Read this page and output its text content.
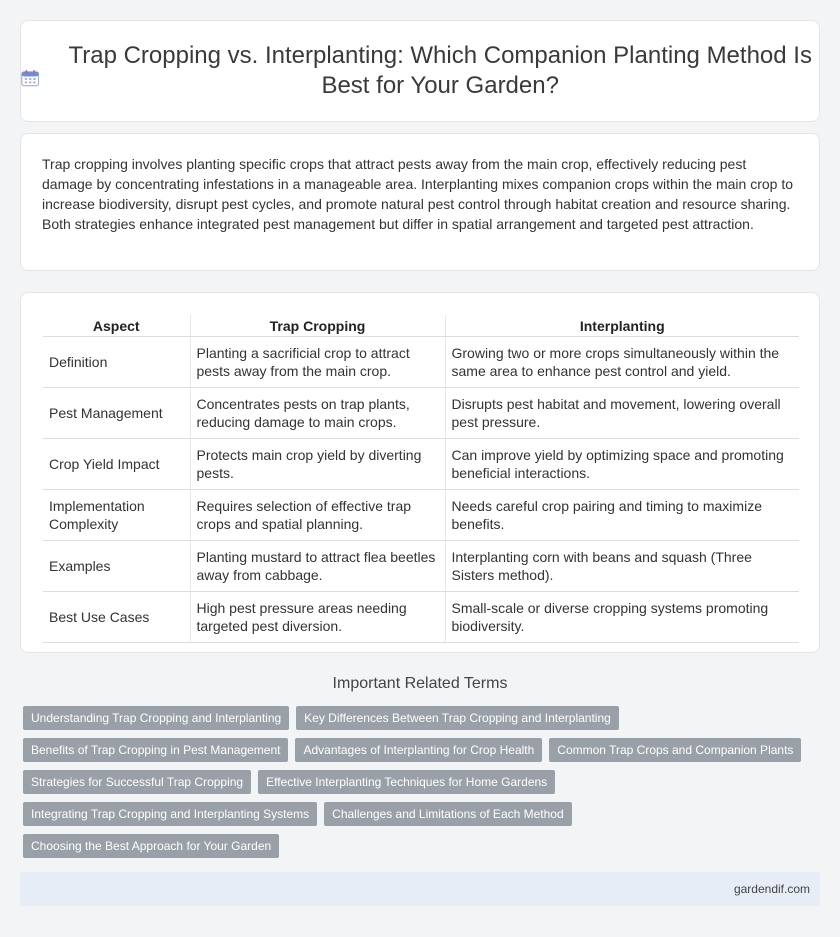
Trap Cropping vs. Interplanting: Which Companion Planting Method Is Best for Your Garden?

Trap cropping involves planting specific crops that attract pests away from the main crop, effectively reducing pest damage by concentrating infestations in a manageable area. Interplanting mixes companion crops within the main crop to increase biodiversity, disrupt pest cycles, and promote natural pest control through habitat creation and resource sharing. Both strategies enhance integrated pest management but differ in spatial arrangement and targeted pest attraction.

Aspect	Trap Cropping	Interplanting
Definition	Planting a sacrificial crop to attract pests away from the main crop.	Growing two or more crops simultaneously within the same area to enhance pest control and yield.
Pest Management	Concentrates pests on trap plants, reducing damage to main crops.	Disrupts pest habitat and movement, lowering overall pest pressure.
Crop Yield Impact	Protects main crop yield by diverting pests.	Can improve yield by optimizing space and promoting beneficial interactions.
Implementation Complexity	Requires selection of effective trap crops and spatial planning.	Needs careful crop pairing and timing to maximize benefits.
Examples	Planting mustard to attract flea beetles away from cabbage.	Interplanting corn with beans and squash (Three Sisters method).
Best Use Cases	High pest pressure areas needing targeted pest diversion.	Small-scale or diverse cropping systems promoting biodiversity.
Important Related Terms
Understanding Trap Cropping and Interplanting	Key Differences Between Trap Cropping and Interplanting
Benefits of Trap Cropping in Pest Management	Advantages of Interplanting for Crop Health	Common Trap Crops and Companion Plants
Strategies for Successful Trap Cropping	Effective Interplanting Techniques for Home Gardens
Integrating Trap Cropping and Interplanting Systems	Challenges and Limitations of Each Method
Choosing the Best Approach for Your Garden
gardendif.com
